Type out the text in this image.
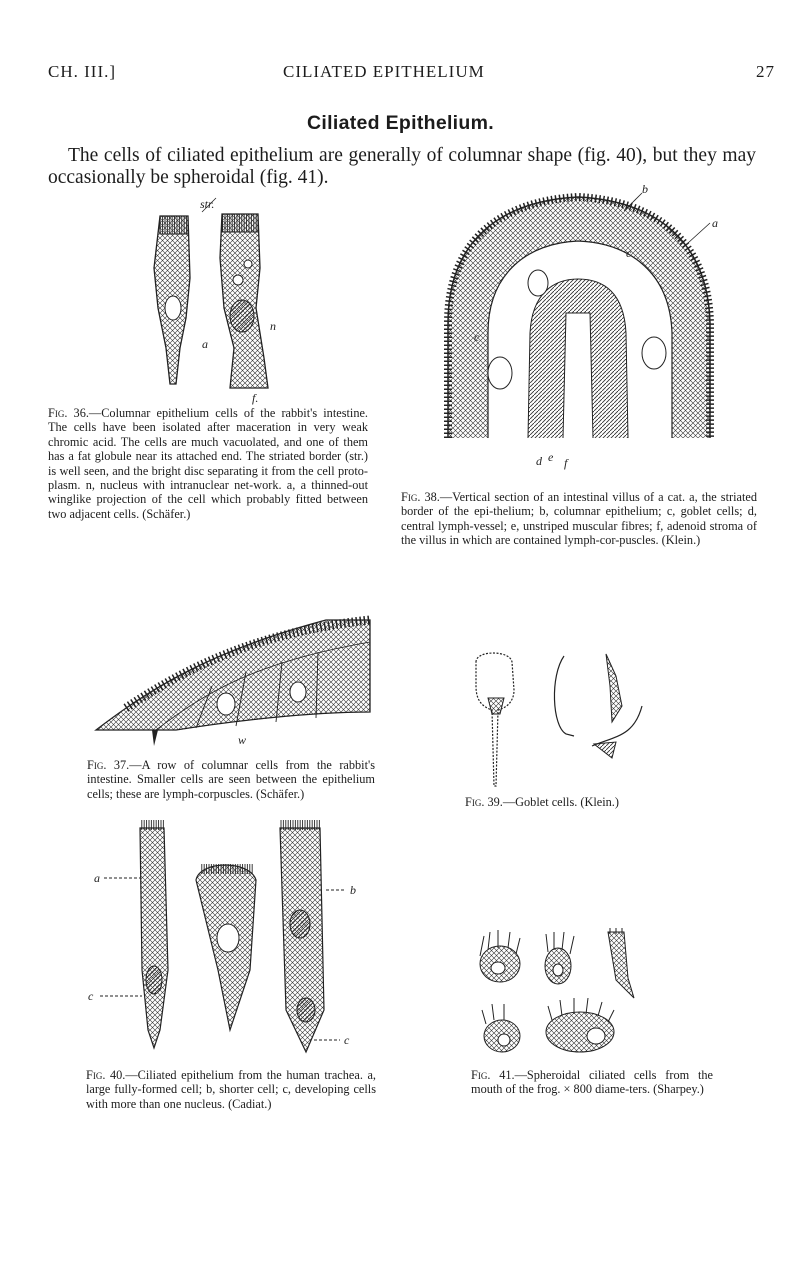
CH. III.]	CILIATED EPITHELIUM	27
Ciliated Epithelium.
The cells of ciliated epithelium are generally of columnar shape (fig. 40), but they may occasionally be spheroidal (fig. 41).
str.
a
n
f.
Fig. 36.—Columnar epithelium cells of the rabbit's intestine. The cells have been isolated after maceration in very weak chromic acid. The cells are much vacuolated, and one of them has a fat globule near its attached end. The striated border (str.) is well seen, and the bright disc separating it from the cell proto-plasm. n, nucleus with intranuclear net-work. a, a thinned-out winglike projection of the cell which probably fitted between two adjacent cells. (Schäfer.)
b
a
c
c
d e f
Fig. 38.—Vertical section of an intestinal villus of a cat. a, the striated border of the epi-thelium; b, columnar epithelium; c, goblet cells; d, central lymph-vessel; e, unstriped muscular fibres; f, adenoid stroma of the villus in which are contained lymph-cor-puscles. (Klein.)
w
Fig. 37.—A row of columnar cells from the rabbit's intestine. Smaller cells are seen between the epithelium cells; these are lymph-corpuscles. (Schäfer.)
Fig. 39.—Goblet cells. (Klein.)
a
b
c
c
Fig. 40.—Ciliated epithelium from the human trachea. a, large fully-formed cell; b, shorter cell; c, developing cells with more than one nucleus. (Cadiat.)
Fig. 41.—Spheroidal ciliated cells from the mouth of the frog. × 800 diame-ters. (Sharpey.)
